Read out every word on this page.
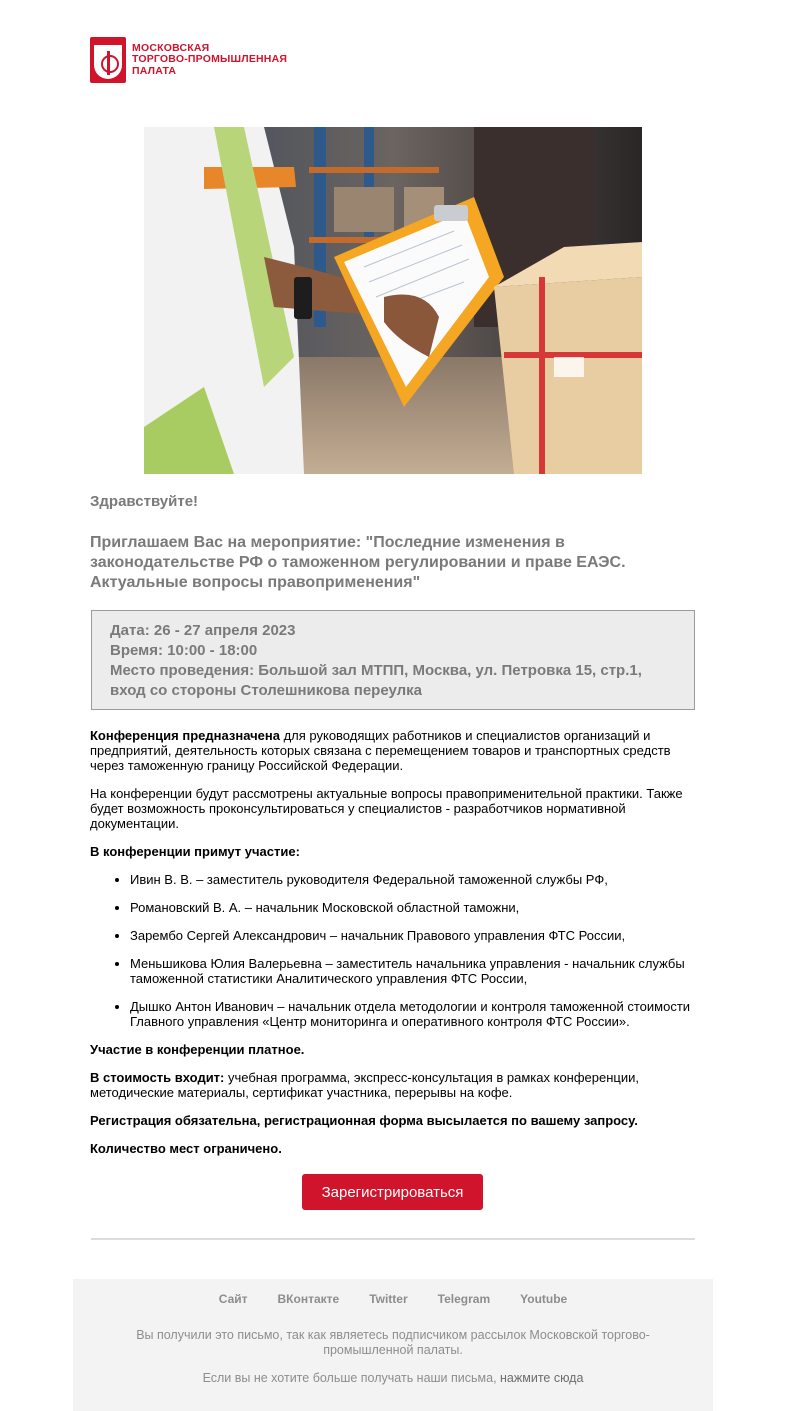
МОСКОВСКАЯ
ТОРГОВО-ПРОМЫШЛЕННАЯ
ПАЛАТА
Здравствуйте!
Приглашаем Вас на мероприятие: "Последние изменения в законодательстве РФ о таможенном регулировании и праве ЕАЭС. Актуальные вопросы правоприменения"
Дата: 26 - 27 апреля 2023
Время: 10:00 - 18:00
Место проведения: Большой зал МТПП, Москва, ул. Петровка 15, стр.1, вход со стороны Столешникова переулка

Конференция предназначена для руководящих работников и специалистов организаций и предприятий, деятельность которых связана с перемещением товаров и транспортных средств через таможенную границу Российской Федерации.

На конференции будут рассмотрены актуальные вопросы правоприменительной практики. Также будет возможность проконсультироваться у специалистов - разработчиков нормативной документации.

В конференции примут участие:

• Ивин В. В. – заместитель руководителя Федеральной таможенной службы РФ,
• Романовский В. А. – начальник Московской областной таможни,
• Зарембо Сергей Александрович – начальник Правового управления ФТС России,
• Меньшикова Юлия Валерьевна – заместитель начальника управления - начальник службы таможенной статистики Аналитического управления ФТС России,
• Дышко Антон Иванович – начальник отдела методологии и контроля таможенной стоимости Главного управления «Центр мониторинга и оперативного контроля ФТС России».

Участие в конференции платное.

В стоимость входит: учебная программа, экспресс-консультация в рамках конференции, методические материалы, сертификат участника, перерывы на кофе.

Регистрация обязательна, регистрационная форма высылается по вашему запросу.

Количество мест ограничено.

Зарегистрироваться
Сайт	ВКонтакте	Twitter	Telegram	Youtube
Вы получили это письмо, так как являетесь подписчиком рассылок Московской торгово-промышленной палаты.
Если вы не хотите больше получать наши письма, нажмите сюда
